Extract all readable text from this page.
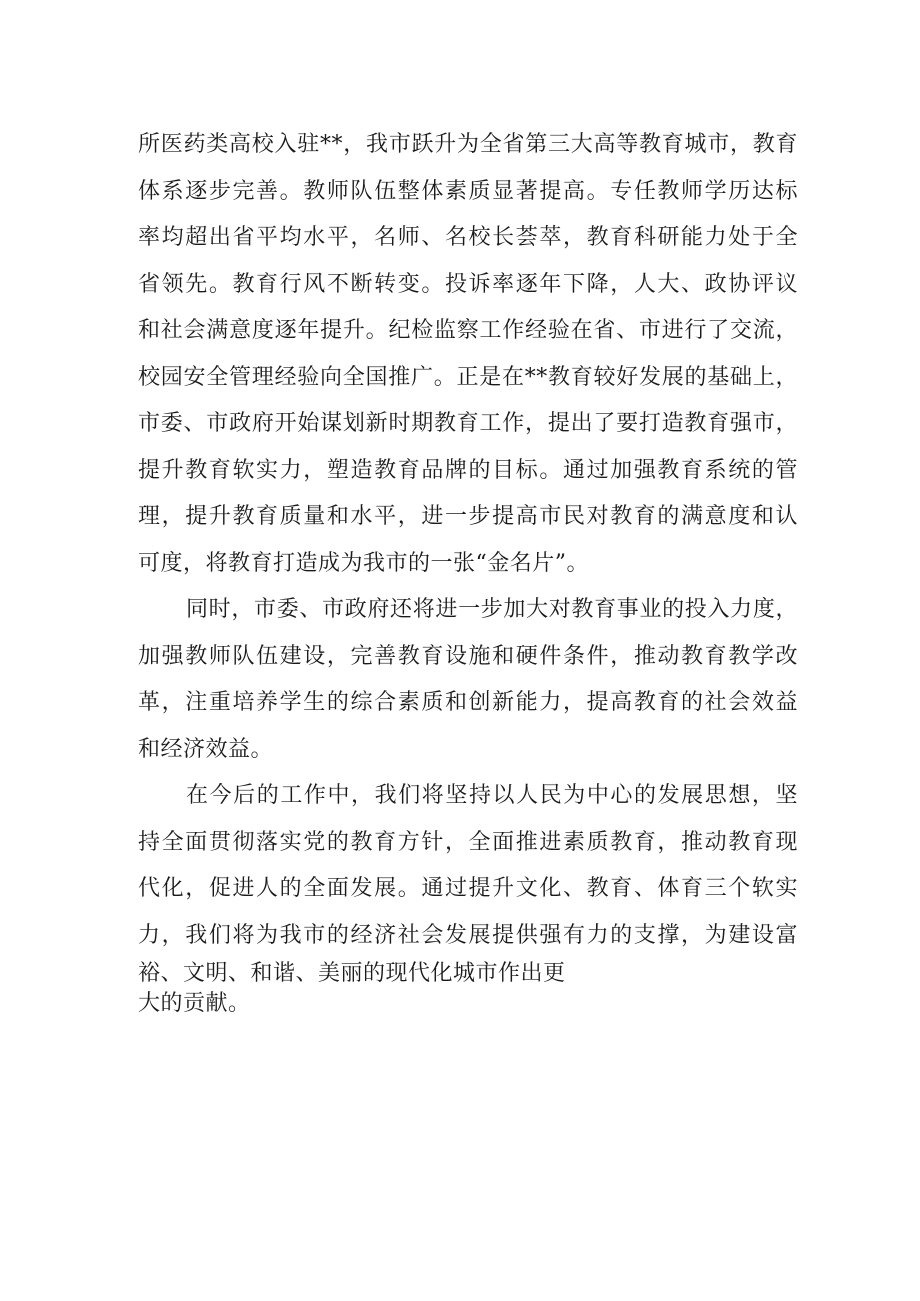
所医药类高校入驻**，我市跃升为全省第三大高等教育城市，教育
体系逐步完善。教师队伍整体素质显著提高。专任教师学历达标
率均超出省平均水平，名师、名校长荟萃，教育科研能力处于全
省领先。教育行风不断转变。投诉率逐年下降，人大、政协评议
和社会满意度逐年提升。纪检监察工作经验在省、市进行了交流，
校园安全管理经验向全国推广。正是在**教育较好发展的基础上，
市委、市政府开始谋划新时期教育工作，提出了要打造教育强市，
提升教育软实力，塑造教育品牌的目标。通过加强教育系统的管
理，提升教育质量和水平，进一步提高市民对教育的满意度和认
可度，将教育打造成为我市的一张“金名片”。
同时，市委、市政府还将进一步加大对教育事业的投入力度，
加强教师队伍建设，完善教育设施和硬件条件，推动教育教学改
革，注重培养学生的综合素质和创新能力，提高教育的社会效益
和经济效益。
在今后的工作中，我们将坚持以人民为中心的发展思想，坚
持全面贯彻落实党的教育方针，全面推进素质教育，推动教育现
代化，促进人的全面发展。通过提升文化、教育、体育三个软实
力，我们将为我市的经济社会发展提供强有力的支撑，为建设富
裕、文明、和谐、美丽的现代化城市作出更
大的贡献。
